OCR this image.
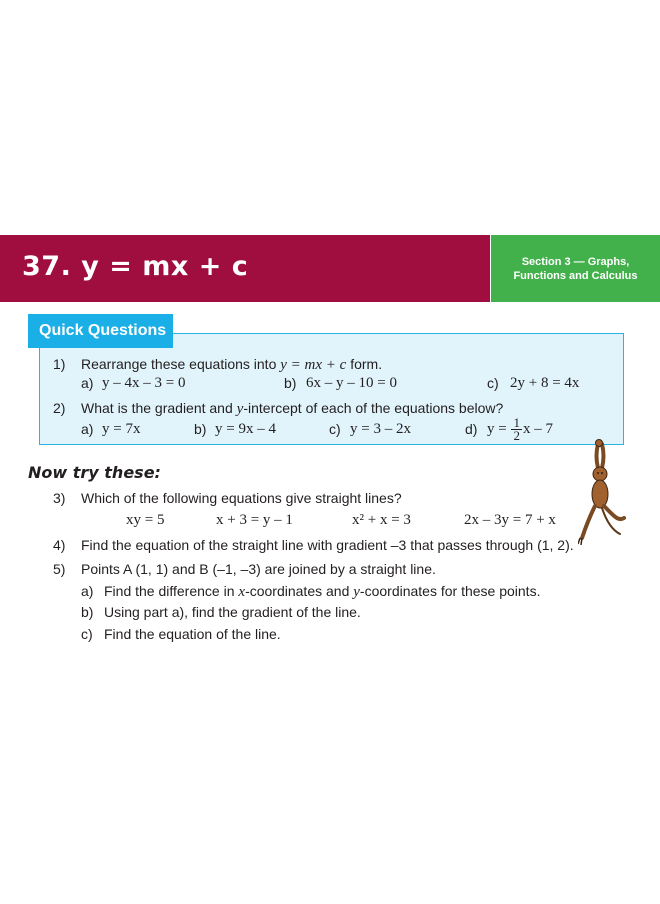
37. y = mx + c	Section 3 — Graphs,
Functions and Calculus
Quick Questions
1) Rearrange these equations into y = mx + c form.
a) y – 4x – 3 = 0	b) 6x – y – 10 = 0	c) 2y + 8 = 4x
2) What is the gradient and y-intercept of each of the equations below?
a) y = 7x	b) y = 9x – 4	c) y = 3 – 2x	d) $y = \frac{1}{2}$ x – 7
Now try these:
3) Which of the following equations give straight lines?
xy = 5	x + 3 = y – 1	x² + x = 3	2x – 3y = 7 + x
4) Find the equation of the straight line with gradient –3 that passes through (1, 2).
5) Points A (1, 1) and B (–1, –3) are joined by a straight line.
a) Find the difference in x-coordinates and y-coordinates for these points.
b) Using part a), find the gradient of the line.
c) Find the equation of the line.
